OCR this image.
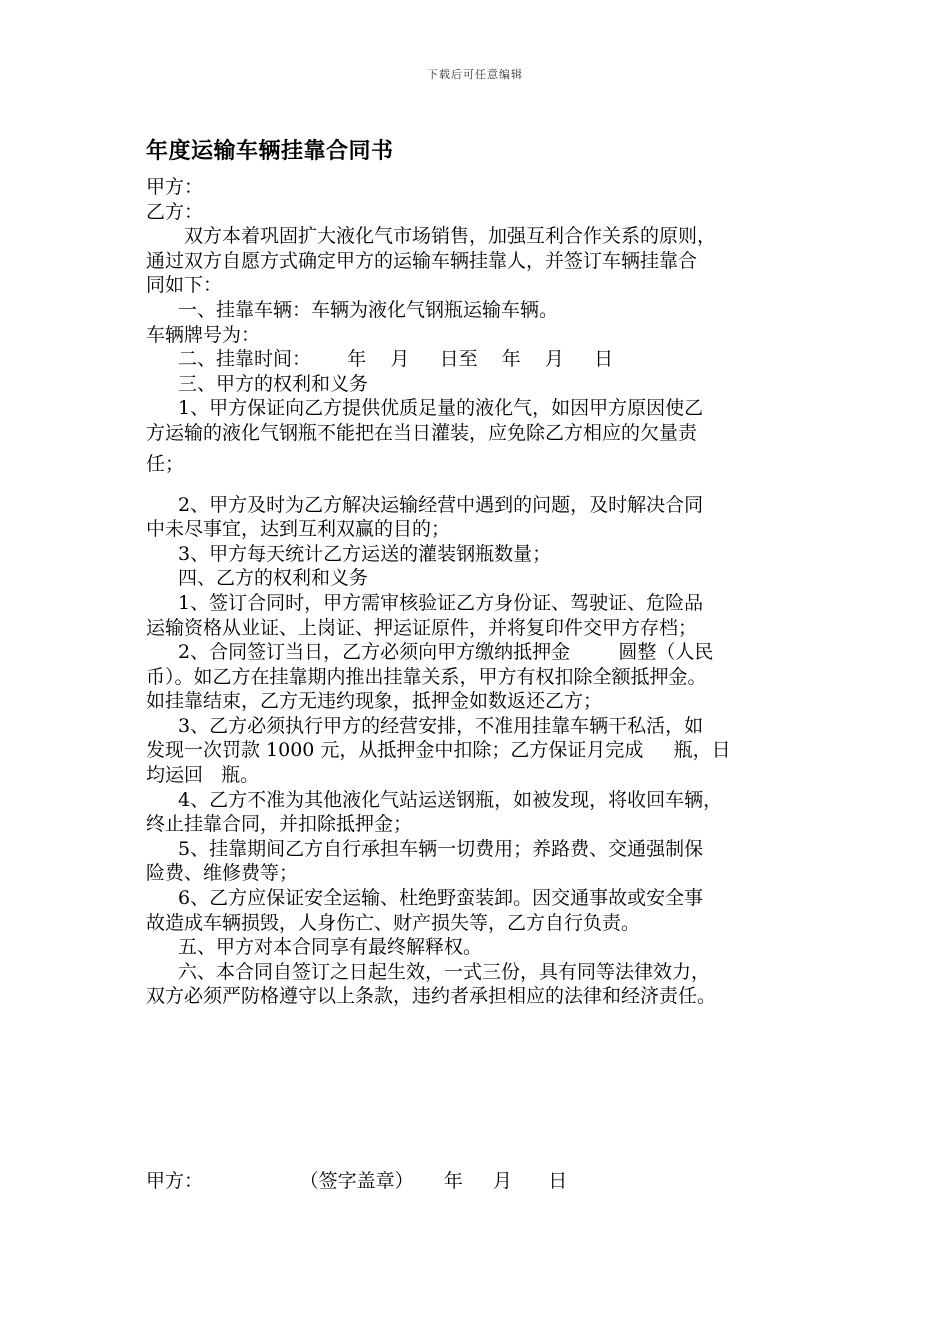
下载后可任意编辑
年度运输车辆挂靠合同书
甲方：
乙方：
双方本着巩固扩大液化气市场销售，加强互利合作关系的原则，
通过双方自愿方式确定甲方的运输车辆挂靠人，并签订车辆挂靠合
同如下：
一、挂靠车辆：车辆为液化气钢瓶运输车辆。
车辆牌号为：
二、挂靠时间：      年    月     日至    年    月     日
三、甲方的权利和义务
1、甲方保证向乙方提供优质足量的液化气，如因甲方原因使乙
方运输的液化气钢瓶不能把在当日灌装，应免除乙方相应的欠量责
任；
2、甲方及时为乙方解决运输经营中遇到的问题，及时解决合同
中未尽事宜，达到互利双赢的目的；
3、甲方每天统计乙方运送的灌装钢瓶数量；
四、乙方的权利和义务
1、签订合同时，甲方需审核验证乙方身份证、驾驶证、危险品
运输资格从业证、上岗证、押运证原件，并将复印件交甲方存档；
2、合同签订当日，乙方必须向甲方缴纳抵押金        圆整（人民
币）。如乙方在挂靠期内推出挂靠关系，甲方有权扣除全额抵押金。
如挂靠结束，乙方无违约现象，抵押金如数返还乙方；
3、乙方必须执行甲方的经营安排，不准用挂靠车辆干私活，如
发现一次罚款 1000 元，从抵押金中扣除；乙方保证月完成     瓶，日
均运回   瓶。
4、乙方不准为其他液化气站运送钢瓶，如被发现，将收回车辆，
终止挂靠合同，并扣除抵押金；
5、挂靠期间乙方自行承担车辆一切费用；养路费、交通强制保
险费、维修费等；
6、乙方应保证安全运输、杜绝野蛮装卸。因交通事故或安全事
故造成车辆损毁，人身伤亡、财产损失等，乙方自行负责。
五、甲方对本合同享有最终解释权。
六、本合同自签订之日起生效，一式三份，具有同等法律效力，
双方必须严防格遵守以上条款，违约者承担相应的法律和经济责任。
甲方：                （签字盖章）     年     月      日
